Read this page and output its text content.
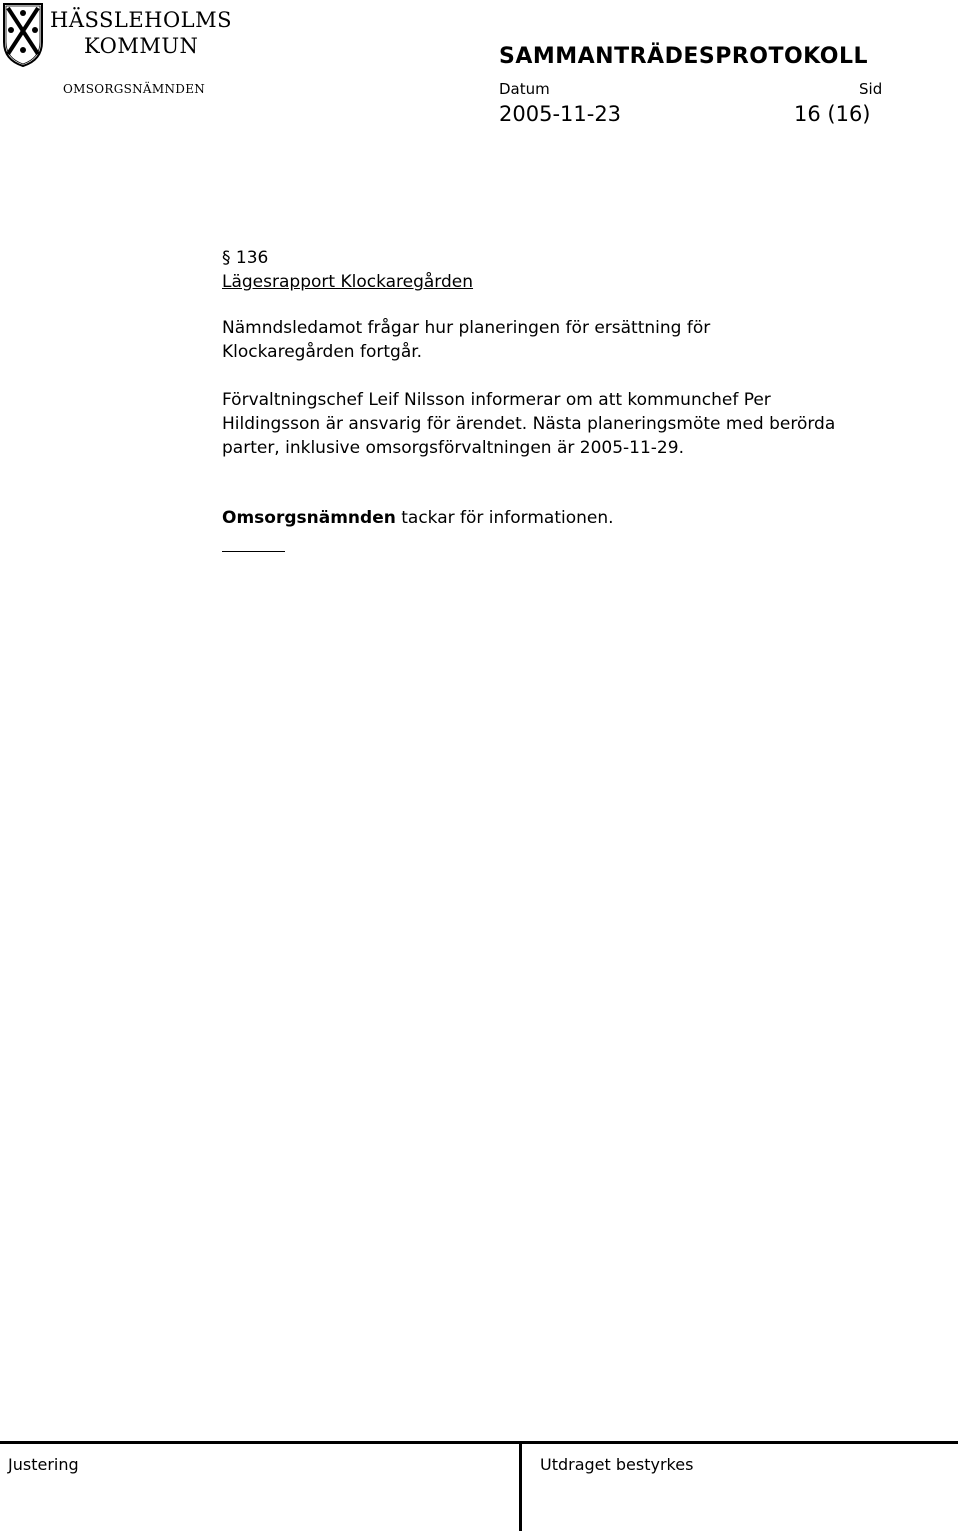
HÄSSLEHOLMS
KOMMUN
OMSORGSNÄMNDEN
SAMMANTRÄDESPROTOKOLL
Datum	Sid
2005-11-23	16 (16)
§ 136
Lägesrapport Klockaregården
Nämndsledamot frågar hur planeringen för ersättning för
Klockaregården fortgår.
Förvaltningschef Leif Nilsson informerar om att kommunchef Per
Hildingsson är ansvarig för ärendet. Nästa planeringsmöte med berörda
parter, inklusive omsorgsförvaltningen är 2005-11-29.
Omsorgsnämnden tackar för informationen.
Justering	Utdraget bestyrkes
